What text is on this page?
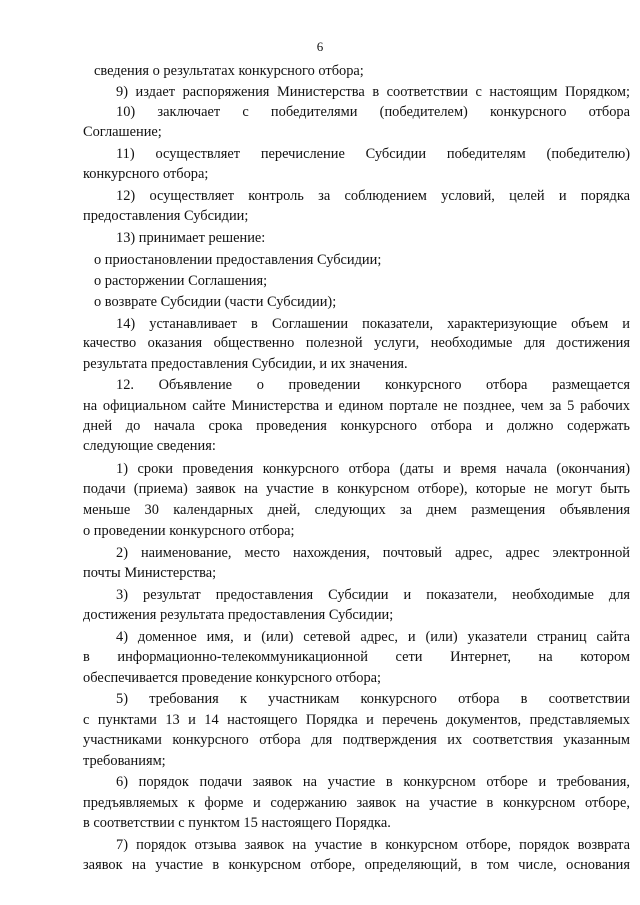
6
сведения о результатах конкурсного отбора;
9) издает распоряжения Министерства в соответствии с настоящим Порядком;
10) заключает с победителями (победителем) конкурсного отбора
Соглашение;
11) осуществляет перечисление Субсидии победителям (победителю)
конкурсного отбора;
12) осуществляет контроль за соблюдением условий, целей и порядка
предоставления Субсидии;
13) принимает решение:
о приостановлении предоставления Субсидии;
о расторжении Соглашения;
о возврате Субсидии (части Субсидии);
14) устанавливает в Соглашении показатели, характеризующие объем и
качество оказания общественно полезной услуги, необходимые для достижения
результата предоставления Субсидии, и их значения.
12. Объявление о проведении конкурсного отбора размещается
на официальном сайте Министерства и едином портале не позднее, чем за 5 рабочих
дней до начала срока проведения конкурсного отбора и должно содержать
следующие сведения:
1) сроки проведения конкурсного отбора (даты и время начала (окончания)
подачи (приема) заявок на участие в конкурсном отборе), которые не могут быть
меньше 30 календарных дней, следующих за днем размещения объявления
о проведении конкурсного отбора;
2) наименование, место нахождения, почтовый адрес, адрес электронной
почты Министерства;
3) результат предоставления Субсидии и показатели, необходимые для
достижения результата предоставления Субсидии;
4) доменное имя, и (или) сетевой адрес, и (или) указатели страниц сайта
в информационно-телекоммуникационной сети Интернет, на котором
обеспечивается проведение конкурсного отбора;
5) требования к участникам конкурсного отбора в соответствии
с пунктами 13 и 14 настоящего Порядка и перечень документов, представляемых
участниками конкурсного отбора для подтверждения их соответствия указанным
требованиям;
6) порядок подачи заявок на участие в конкурсном отборе и требования,
предъявляемых к форме и содержанию заявок на участие в конкурсном отборе,
в соответствии с пунктом 15 настоящего Порядка.
7) порядок отзыва заявок на участие в конкурсном отборе, порядок возврата
заявок на участие в конкурсном отборе, определяющий, в том числе, основания
